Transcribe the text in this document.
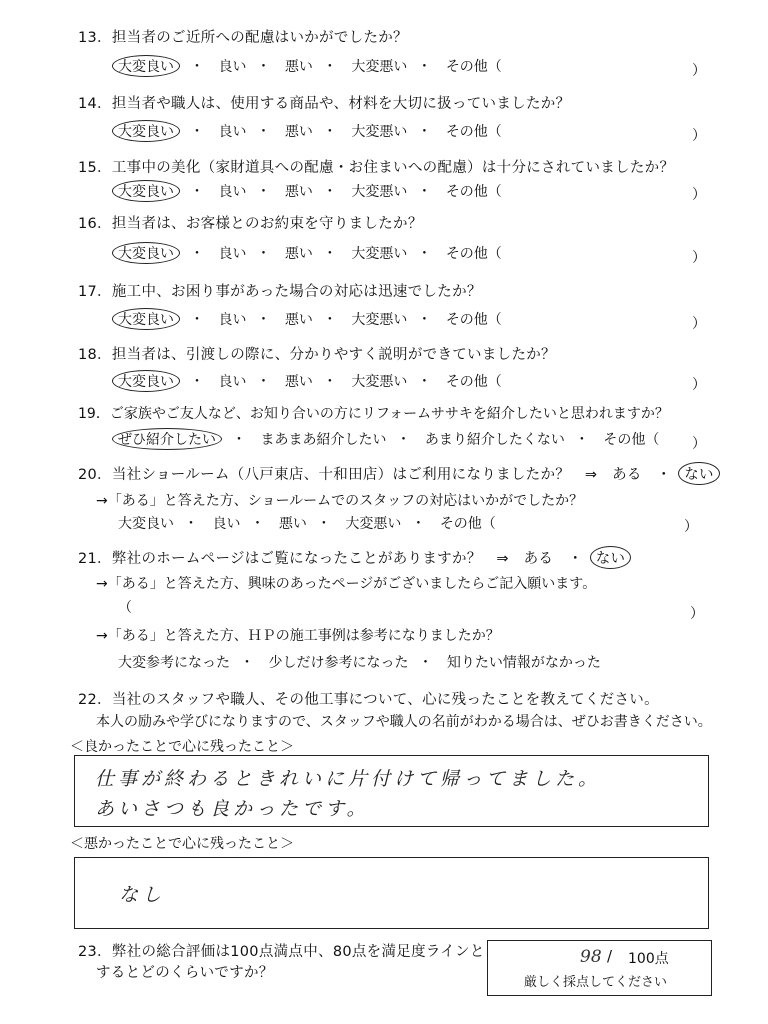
13．担当者のご近所への配慮はいかがでしたか？
大変良い ・ 良い ・ 悪い ・ 大変悪い ・ その他（	）
14．担当者や職人は、使用する商品や、材料を大切に扱っていましたか？
大変良い ・ 良い ・ 悪い ・ 大変悪い ・ その他（	）
15．工事中の美化（家財道具への配慮・お住まいへの配慮）は十分にされていましたか？
大変良い ・ 良い ・ 悪い ・ 大変悪い ・ その他（	）
16．担当者は、お客様とのお約束を守りましたか？
大変良い ・ 良い ・ 悪い ・ 大変悪い ・ その他（	）
17．施工中、お困り事があった場合の対応は迅速でしたか？
大変良い ・ 良い ・ 悪い ・ 大変悪い ・ その他（	）
18．担当者は、引渡しの際に、分かりやすく説明ができていましたか？
大変良い ・ 良い ・ 悪い ・ 大変悪い ・ その他（	）
19．ご家族やご友人など、お知り合いの方にリフォームササキを紹介したいと思われますか？
ぜひ紹介したい ・ まあまあ紹介したい ・ あまり紹介したくない ・ その他（ ）
20．当社ショールーム（八戸東店、十和田店）はご利用になりましたか？　⇒　ある　・ ない
→「ある」と答えた方、ショールームでのスタッフの対応はいかがでしたか？
大変良い ・ 良い ・ 悪い ・ 大変悪い ・ その他（	）
21．弊社のホームページはご覧になったことがありますか？　⇒　ある　・ ない
→「ある」と答えた方、興味のあったページがございましたらご記入願います。
（	）
→「ある」と答えた方、ＨＰの施工事例は参考になりましたか？
大変参考になった ・ 少しだけ参考になった ・ 知りたい情報がなかった
22．当社のスタッフや職人、その他工事について、心に残ったことを教えてください。
本人の励みや学びになりますので、スタッフや職人の名前がわかる場合は、ぜひお書きください。
＜良かったことで心に残ったこと＞
仕事が終わるときれいに片付けて帰ってました。
あいさつも良かったです。
＜悪かったことで心に残ったこと＞
なし
23．弊社の総合評価は100点満点中、80点を満足度ラインと
するとどのくらいですか？
98 / 100点
厳しく採点してください
